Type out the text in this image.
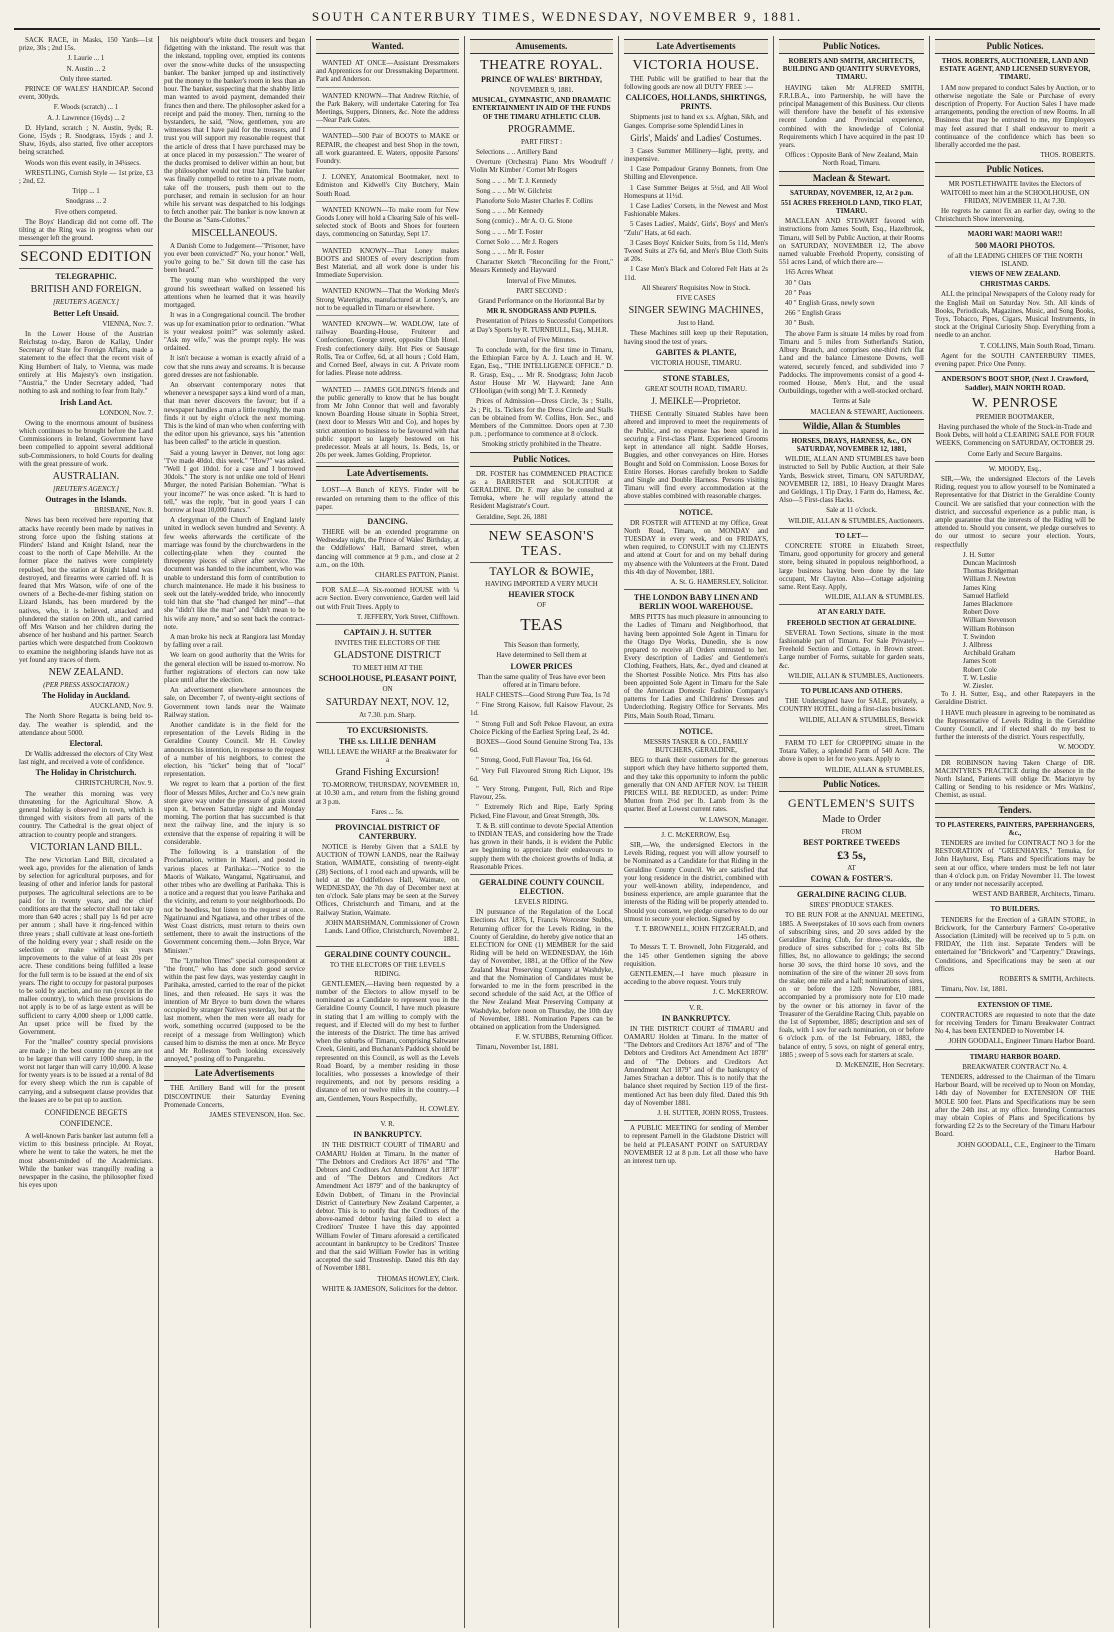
SOUTH CANTERBURY TIMES, WEDNESDAY, NOVEMBER 9, 1881.

SACK RACE, in Masks, 150 Yards—1st prize, 30s ; 2nd 15s.

J. Laurie ... 1

N. Austin ... 2

Only three started.

PRINCE OF WALES' HANDICAP. Second event, 300yds.

F. Woods (scratch) ... 1

A. J. Lawrence (16yds) ... 2

D. Hyland, scratch ; N. Austin, 9yds; R. Gone, 15yds ; R. Snodgrass, 15yds ; and J. Shaw, 16yds, also started, five other acceptors being scratched.

Woods won this event easily, in 34¼secs.

WRESTLING, Cornish Style — 1st prize, £3 ; 2nd, £2.

Tripp ... 1

Snodgrass ... 2

Five others competed.

The Boys' Handicap did not come off. The tilting at the Ring was in progress when our messenger left the ground.

SECOND EDITION
TELEGRAPHIC.
BRITISH AND FOREIGN.
[REUTER'S AGENCY.]
Better Left Unsaid.

VIENNA, Nov. 7.

In the Lower House of the Austrian Reichstag to-day, Baron de Kallay, Under Secretary of State for Foreign Affairs, made a statement to the effect that the recent visit of King Humbert of Italy, to Vienna, was made entirely at His Majesty's own instigation. "Austria," the Under Secretary added, "had nothing to ask and nothing to fear from Italy."

Irish Land Act.

LONDON, Nov. 7.

Owing to the enormous amount of business which continues to be brought before the Land Commissioners in Ireland, Government have been compelled to appoint several additional sub-Commissioners, to hold Courts for dealing with the great pressure of work.

AUSTRALIAN.
[REUTER'S AGENCY.]
Outrages in the Islands.

BRISBANE, Nov. 8.

News has been received here reporting that attacks have recently been made by natives in strong force upon the fishing stations at Flinders' Island and Knight Island, near the coast to the north of Cape Melville. At the former place the natives were completely repulsed, but the station at Knight Island was destroyed, and firearms were carried off. It is feared that Mrs Watson, wife of one of the owners of a Beche-de-mer fishing station on Lizard Islands, has been murdered by the natives, who, it is believed, attacked and plundered the station on 20th ult., and carried off Mrs Watson and her children during the absence of her husband and his partner. Search parties which were despatched from Cooktown to examine the neighboring islands have not as yet found any traces of them.

NEW ZEALAND.
(PER PRESS ASSOCIATION.)
The Holiday in Auckland.

AUCKLAND, Nov. 9.

The North Shore Regatta is being held to-day. The weather is splendid, and the attendance about 5000.

Electoral.

Dr Wallis addressed the electors of City West last night, and received a vote of confidence.

The Holiday in Christchurch.

CHRISTCHURCH, Nov. 9.

The weather this morning was very threatening for the Agricultural Show. A general holiday is observed in town, which is thronged with visitors from all parts of the country. The Cathedral is the great object of attraction to country people and strangers.

VICTORIAN LAND BILL.

The new Victorian Land Bill, circulated a week ago, provides for the alienation of lands by selection for agricultural purposes, and for leasing of other and inferior lands for pastoral purposes. The agricultural selections are to be paid for in twenty years, and the chief conditions are that the selector shall not take up more than 640 acres ; shall pay 1s 6d per acre per annum ; shall have it ring-fenced within three years ; shall cultivate at least one-fortieth of the holding every year ; shall reside on the selection or make within six years improvements to the value of at least 20s per acre. These conditions being fulfilled a lease for the full term is to be issued at the end of six years. The right to occupy for pastoral purposes to be sold by auction, and no run (except in the mallee country), to which these provisions do not apply is to be of as large extent as will be sufficient to carry 4,000 sheep or 1,000 cattle. An upset price will be fixed by the Government.

For the "mallee" country special provisions are made ; in the best country the runs are not to be larger than will carry 1000 sheep, in the worst not larger than will carry 10,000. A lease for twenty years is to be issued at a rental of 8d for every sheep which the run is capable of carrying, and a subsequent clause provides that the leases are to be put up to auction.

CONFIDENCE BEGETS CONFIDENCE.

A well-known Paris banker last autumn fell a victim to this business principle. At Royat, where he went to take the waters, he met the most absent-minded of the Academicians. While the banker was tranquilly reading a newspaper in the casino, the philosopher fixed his eyes upon

his neighbour's white duck trousers and began fidgetting with the inkstand. The result was that the inkstand, toppling over, emptied its contents over the snow-white ducks of the unsuspecting banker. The banker jumped up and instinctively put the money to the banker's room in less than an hour. The banker, suspecting that the shabby little man wanted to avoid payment, demanded their francs then and there. The philosopher asked for a receipt and paid the money. Then, turning to the bystanders, he said, "Now, gentlemen, you are witnesses that I have paid for the trousers, and I trust you will support my reasonable request that the article of dress that I have purchased may be at once placed in my possession." The wearer of the ducks promised to deliver within an hour, but the philosopher would not trust him. The banker was finally compelled to retire to a private room, take off the trousers, push them out to the purchaser, and remain in seclusion for an hour while his servant was despatched to his lodgings to fetch another pair. The banker is now known at the Bourse as "Sans-Culottes."

MISCELLANEOUS.

A Danish Come to Judgement—"Prisoner, have you ever been convicted?" No, your honor." Well, you're going to be." Sit down till the case has been heard."

The young man who worshipped the very ground his sweetheart walked on lessened his attentions when he learned that it was heavily mortgaged.

It was in a Congregational council. The brother was up for examination prior to ordination. "What is your weakest point?" was solemnly asked. "Ask my wife," was the prompt reply. He was ordained.

It isn't because a woman is exactly afraid of a cow that she runs away and screams. It is because gored dresses are not fashionable.

An observant contemporary notes that whenever a newspaper says a kind word of a man, that man never discovers the favour; but if a newspaper handles a man a little roughly, the man finds it out by eight o'clock the next morning. This is the kind of man who when conferring with the editor upon his grievance, says his "attention has been called" to the article in question.

Said a young lawyer in Denver, not long ago: "I've made 40dol. this week." "How?" was asked. "Well I got 10dol. for a case and I borrowed 30dols." The story is not unlike one told of Henri Murger, the noted Parisian Bohemian. "What is your income?" he was once asked. "It is hard to tell," was the reply, "but in good years I can borrow at least 10,000 francs."

A clergyman of the Church of England lately united in wedlock seven hundred and Seventy. A few weeks afterwards the certificate of the marriage was found by the churchwardens in the collecting-plate when they counted the threepenny pieces of silver after service. The document was handed to the incumbent, who was unable to understand this form of contribution to church maintenance. He made it his business to seek out the lately-wedded bride, who innocently told him that she "had changed her mind"—that she "didn't like the man" and "didn't mean to be his wife any more," and so sent back the contract-note.

A man broke his neck at Rangiora last Monday by falling over a rail.

We learn on good authority that the Writs for the general election will be issued to-morrow. No further registrations of electors can now take place until after the election.

An advertisement elsewhere announces the sale, on December 7, of twenty-eight sections of Government town lands near the Waimate Railway station.

Another candidate is in the field for the representation of the Levels Riding in the Geraldine County Council. Mr H. Cowley announces his intention, in response to the request of a number of his neighbors, to contest the election, his "ticket" being that of "local" representation.

We regret to learn that a portion of the first floor of Messrs Miles, Archer and Co.'s new grain store gave way under the pressure of grain stored upon it, between Saturday night and Monday morning. The portion that has succumbed is that next the railway line, and the injury is so extensive that the expense of repairing it will be considerable.

The following is a translation of the Proclamation, written in Maori, and posted in various places at Parihaka:—"Notice to the Maoris of Waikato, Wanganui, Ngatiruanui, and other tribes who are dwelling at Parihaka. This is a notice and a request that you leave Parihaka and the vicinity, and return to your neighborhoods. Do not be heedless, but listen to the request at once. Ngatiruanui and Ngatiawa, and other tribes of the West Coast districts, must return to theirs own settlement, there to await the instructions of the Government concerning them.—John Bryce, War Minister."

The "Lyttelton Times" special correspondent at "the front," who has done such good service within the past few days, was yesterday caught in Parihaka, arrested, carried to the rear of the picket lines, and then released. He says it was the intention of Mr Bryce to burn down the whares occupied by stranger Natives yesterday, but at the last moment, when the men were all ready for work, something occurred (supposed to be the receipt of a message from Wellington) which caused him to dismiss the men at once. Mr Bryce and Mr Rolleston "both looking excessively annoyed," posting off to Pungarehu.

Late Advertisements

THE Artillery Band will for the present DISCONTINUE their Saturday Evening Promenade Concerts,

JAMES STEVENSON, Hon. Sec.

Wanted.

WANTED AT ONCE—Assistant Dressmakers and Apprentices for our Dressmaking Department. Park and Anderson.

WANTED KNOWN—That Andrew Ritchie, of the Park Bakery, will undertake Catering for Tea Meetings, Suppers, Dinners, &c. Note the address—Near Park Gates.

WANTED—500 Pair of BOOTS to MAKE or REPAIR, the cheapest and best Shop in the town, all work guaranteed. E. Waters, opposite Parsons' Foundry.

J. LONEY, Anatomical Bootmaker, next to Edmiston and Kidwell's City Butchery, Main South Road.

WANTED KNOWN—To make room for New Goods Loney will hold a Clearing Sale of his well-selected stock of Boots and Shoes for fourteen days, commencing on Saturday, Sept 17.

WANTED KNOWN—That Loney makes BOOTS and SHOES of every description from Best Material, and all work done is under his Immediate Supervision.

WANTED KNOWN—That the Working Men's Strong Watertights, manufactured at Loney's, are not to be equalled in Timaru or elsewhere.

WANTED KNOWN—W. WADLOW, late of railway Boarding-House, Fruiterer and Confectioner, George street, opposite Club Hotel. Fresh confectionery daily. Hot Pies or Sausage Rolls, Tea or Coffee, 6d, at all hours ; Cold Ham, and Corned Beef, always in cut. A Private room for ladies. Please note address.

WANTED — JAMES GOLDING'S friends and the public generally to know that he has bought from Mr John Connor that well and favorably known Boarding House situate in Sophia Street, (next door to Messrs Witt and Co), and hopes by strict attention to business to be favoured with that public support so largely bestowed on his predecessor. Meals at all hours, 1s. Beds, 1s, or 20s per week. James Golding, Proprietor.

Late Advertisements.

LOST—A Bunch of KEYS. Finder will be rewarded on returning them to the office of this paper.

DANCING.

THERE will be an extended programme on Wednesday night, the Prince of Wales' Birthday, at the Oddfellows' Hall, Barnard street, when dancing will commence at 9 p.m., and close at 2 a.m., on the 10th.

CHARLES PATTON, Pianist.

FOR SALE—A Six-roomed HOUSE with ¼ acre Section. Every convenience, Garden well laid out with Fruit Trees. Apply to

T. JEFFERY, York Street, Clifftown.

CAPTAIN J. H. SUTTER

INVITES THE ELECTORS OF THE

GLADSTONE DISTRICT

TO MEET HIM AT THE

SCHOOLHOUSE, PLEASANT POINT,

ON

SATURDAY NEXT, NOV. 12,

At 7.30. p.m. Sharp.

TO EXCURSIONISTS.
THE s.s. LILLIE DENHAM

WILL LEAVE the WHARF at the Breakwater for a

Grand Fishing Excursion!

TO-MORROW, THURSDAY, NOVEMBER 10, at 10.30 a.m., and return from the fishing ground at 3 p.m.

Fares ... 5s.

PROVINCIAL DISTRICT OF CANTERBURY.

NOTICE is Hereby Given that a SALE by AUCTION of TOWN LANDS, near the Railway Station, WAIMATE, consisting of twenty-eight (28) Sections, of 1 rood each and upwards, will be held at the Oddfellows Hall, Waimate, on WEDNESDAY, the 7th day of December next at ten o'clock. Sale plans may be seen at the Survey Offices, Christchurch and Timaru, and at the Railway Station, Waimate.

JOHN MARSHMAN, Commissioner of Crown Lands. Land Office, Christchurch, November 2, 1881.

GERALDINE COUNTY COUNCIL.

TO THE ELECTORS OF THE LEVELS RIDING.

GENTLEMEN,—Having been requested by a number of the Electors to allow myself to be nominated as a Candidate to represent you in the Geraldine County Council, I have much pleasure in stating that I am willing to comply with the request, and if Elected will do my best to further the interests of the District. The time has arrived when the suburbs of Timaru, comprising Saltwater Creek, Gleniti, and Buchanan's Paddock should be represented on this Council, as well as the Levels Road Board, by a member residing in those localities, who possesses a knowledge of their requirements, and not by persons residing a distance of ten or twelve miles in the country.—I am, Gentlemen, Yours Respectfully,

H. COWLEY.

V. R.

IN BANKRUPTCY.

IN THE DISTRICT COURT of TIMARU and OAMARU Holden at Timaru. In the matter of "The Debtors and Creditors Act 1876" and "The Debtors and Creditors Act Amendment Act 1878" and of "The Debtors and Creditors Act Amendment Act 1879" and of the bankruptcy of Edwin Dobbett, of Timaru in the Provincial District of Canterbury New Zealand Carpenter, a debtor. This is to notify that the Creditors of the above-named debtor having failed to elect a Creditors' Trustee I have this day appointed William Fowler of Timaru aforesaid a certificated accountant in bankruptcy to be Creditors' Trustee and that the said William Fowler has in writing accepted the said Trusteeship. Dated this 8th day of November 1881.

THOMAS HOWLEY, Clerk.

WHITE & JAMESON, Solicitors for the debtor.

Amusements.
THEATRE ROYAL.
PRINCE OF WALES' BIRTHDAY,

NOVEMBER 9, 1881.

MUSICAL, GYMNASTIC, AND DRAMATIC ENTERTAINMENT IN AID OF THE FUNDS OF THE TIMARU ATHLETIC CLUB.

PROGRAMME.

PART FIRST :

Selections .. .. Artillery Band

Overture (Orchestra) Piano Mrs Woodruff / Violin Mr Kimber / Cornet Mr Rogers

Song .. .. .. Mr T. J. Kennedy

Song .. .. .. Mr W. Gilchrist

Pianoforte Solo Master Charles F. Collins

Song .. .. .. Mr Kennedy

Song (comic) .. Mr A. O. G. Stone

Song .. .. .. Mr T. Foster

Cornet Solo .. .. Mr J. Rogers

Song .. .. .. Mr R. Foster

Character Sketch "Reconciling for the Front," Messrs Kennedy and Hayward

Interval of Five Minutes.

PART SECOND :

Grand Performance on the Horizontal Bar by

MR R. SNODGRASS AND PUPILS.

Presentation of Prizes to Successful Competitors at Day's Sports by R. TURNBULL, Esq., M.H.R.

Interval of Five Minutes.

To conclude with, for the first time in Timaru, the Ethiopian Farce by A. J. Leach and H. W. Egan, Esq., "THE INTELLIGENCE OFFICE." D. R. Grasp, Esq., ... Mr R. Snodgrass; John Jacob Astor House Mr W. Hayward; Jane Ann O'Hooligan (with song) Mr T. J. Kennedy

Prices of Admission—Dress Circle, 3s ; Stalls, 2s ; Pit, 1s. Tickets for the Dress Circle and Stalls can be obtained from W. Collins, Hon. Sec., and Members of the Committee. Doors open at 7.30 p.m. ; performance to commence at 8 o'clock.

Smoking strictly prohibited in the Theatre.

Public Notices.

DR. FOSTER has COMMENCED PRACTICE as a BARRISTER and SOLICITOR at GERALDINE. Dr. F. may also be consulted at Temuka, where he will regularly attend the Resident Magistrate's Court.

Geraldine, Sept. 26, 1881

NEW SEASON'S TEAS.
TAYLOR & BOWIE,

HAVING IMPORTED A VERY MUCH

HEAVIER STOCK

OF

TEAS

This Season than formerly,

Have determined to Sell them at

LOWER PRICES

Than the same quality of Teas have ever been offered at in Timaru before.

HALF CHESTS—Good Strong Pure Tea, 1s 7d

" Fine Strong Kaisow, full Kaisow Flavour, 2s 1d.

" Strong Full and Soft Pekoe Flavour, an extra Choice Picking of the Earliest Spring Leaf, 2s 4d.

BOXES—Good Sound Genuine Strong Tea, 13s 6d.

" Strong, Good, Full Flavour Tea, 16s 6d.

" Very Full Flavoured Strong Rich Liquor, 19s 6d.

" Very Strong, Pungent, Full, Rich and Ripe Flavour, 25s.

" Extremely Rich and Ripe, Early Spring Picked, Fine Flavour, and Great Strength, 30s.

T. & B. still continue to devote Special Attention to INDIAN TEAS, and considering how the Trade has grown in their hands, it is evident the Public are beginning to appreciate their endeavours to supply them with the choicest growths of India, at Reasonable Prices.

GERALDINE COUNTY COUNCIL ELECTION.

LEVELS RIDING.

IN pursuance of the Regulation of the Local Elections Act 1876, I, Francis Worcester Stubbs, Returning officer for the Levels Riding, in the County of Geraldine, do hereby give notice that an ELECTION for ONE (1) MEMBER for the said Riding will be held on WEDNESDAY, the 16th day of November, 1881, at the Office of the New Zealand Meat Preserving Company at Washdyke, and that the Nomination of Candidates must be forwarded to me in the form prescribed in the second schedule of the said Act, at the Office of the New Zealand Meat Preserving Company at Washdyke, before noon on Thursday, the 10th day of November, 1881. Nomination Papers can be obtained on application from the Undersigned.

F. W. STUBBS, Returning Officer.

Timaru, November 1st, 1881.

Late Advertisements
VICTORIA HOUSE.

THE Public will be gratified to hear that the following goods are now all DUTY FREE :—

CALICOES, HOLLANDS, SHIRTINGS, PRINTS.

Shipments just to hand ex s.s. Afghan, Sikh, and Ganges. Comprise some Splendid Lines in

Girls', Maids' and Ladies' Costumes.

3 Cases Summer Millinery—light, pretty, and inexpensive.

1 Case Pompadour Granny Bonnets, from One Shilling and Elevenpence.

1 Case Summer Beiges at 5½d, and All Wool Homespuns at 11½d.

1 Case Ladies' Corsets, in the Newest and Most Fashionable Makes.

5 Cases Ladies', Maids', Girls', Boys' and Men's "Zulu" Hats, at 6d each.

3 Cases Boys' Knicker Suits, from 5s 11d, Men's Tweed Suits at 27s 6d, and Men's Blue Cloth Suits at 20s.

1 Case Men's Black and Colored Felt Hats at 2s 11d.

All Shearers' Requisites Now in Stock.

FIVE CASES

SINGER SEWING MACHINES,

Just to Hand.

These Machines still keep up their Reputation, having stood the test of years.

GABITES & PLANTE,

VICTORIA HOUSE, TIMARU.

STONE STABLES,

GREAT SOUTH ROAD, TIMARU.

J. MEIKLE—Proprietor.

THESE Centrally Situated Stables have been altered and improved to meet the requirements of the Public, and no expense has been spared in securing a First-class Plant. Experienced Grooms kept in attendance all night. Saddle Horses, Buggies, and other conveyances on Hire. Horses Bought and Sold on Commission. Loose Boxes for Entire Horses. Horses carefully broken to Saddle and Single and Double Harness. Persons visiting Timaru will find every accommodation at the above stables combined with reasonable charges.

NOTICE.

DR FOSTER will ATTEND at my Office, Great North Road, Timaru, on MONDAY and TUESDAY in every week, and on FRIDAYS, when required, to CONSULT with my CLIENTS and attend at Court for and on my behalf during my absence with the Volunteers at the Front. Dated this 4th day of November, 1881.

A. St. G. HAMERSLEY, Solicitor.

THE LONDON BABY LINEN AND BERLIN WOOL WAREHOUSE.

MRS PITTS has much pleasure in announcing to the Ladies of Timaru and Neighborhood, that having been appointed Sole Agent in Timaru for the Otago Dye Works, Dunedin, she is now prepared to receive all Orders entrusted to her. Every description of Ladies' and Gentlemen's Clothing, Feathers, Hats, &c., dyed and cleaned at the Shortest Possible Notice. Mrs Pitts has also been appointed Sole Agent in Timaru for the Sale of the American Domestic Fashion Company's patterns for Ladies and Childrens' Dresses and Underclothing. Registry Office for Servants. Mrs Pitts, Main South Road, Timaru.

NOTICE.

MESSRS TASKER & CO., FAMILY BUTCHERS, GERALDINE,

BEG to thank their customers for the generous support which they have hitherto supported them, and they take this opportunity to inform the public generally that ON AND AFTER NOV. 1st THEIR PRICES WILL BE REDUCED, as under: Prime Mutton from 2½d per lb. Lamb from 3s the quarter. Beef at Lowest current rates.

W. LAWSON, Manager.

J. C. McKERROW, Esq.

SIR,—We, the undersigned Electors in the Levels Riding, request you will allow yourself to be Nominated as a Candidate for that Riding in the Geraldine County Council. We are satisfied that your long residence in the district, combined with your well-known ability, independence, and business experience, are ample guarantee that the interests of the Riding will be properly attended to. Should you consent, we pledge ourselves to do our utmost to secure your election. Signed by

T. T. BROWNELL, JOHN FITZGERALD, and 145 others.

To Messrs T. T. Brownell, John Fitzgerald, and the 145 other Gentlemen signing the above requisition.

GENTLEMEN,—I have much pleasure in acceding to the above request. Yours truly

J. C. McKERROW.

V. R.

IN BANKRUPTCY.

IN THE DISTRICT COURT of TIMARU and OAMARU Holden at Timaru. In the matter of "The Debtors and Creditors Act 1876" and of "The Debtors and Creditors Act Amendment Act 1878" and of "The Debtors and Creditors Act Amendment Act 1879" and of the bankruptcy of James Strachan a debtor. This is to notify that the balance sheet required by Section 119 of the first-mentioned Act has been duly filed. Dated this 9th day of November 1881.

J. H. SUTTER, JOHN ROSS, Trustees.

A PUBLIC MEETING for sending of Member to represent Parnell in the Gladstone District will be held at PLEASANT POINT on SATURDAY NOVEMBER 12 at 8 p.m. Let all those who have an interest turn up.

Public Notices.

ROBERTS AND SMITH, ARCHITECTS, BUILDING AND QUANTITY SURVEYORS, TIMARU.

HAVING taken Mr ALFRED SMITH, F.R.I.B.A., into Partnership, he will have the principal Management of this Business. Our clients will therefore have the benefit of his extensive recent London and Provincial experience, combined with the knowledge of Colonial Requirements which I have acquired in the past 10 years.

Offices : Opposite Bank of New Zealand, Main North Road, Timaru.

Maclean & Stewart.

SATURDAY, NOVEMBER, 12, At 2 p.m.

551 ACRES FREEHOLD LAND, TIKO FLAT, TIMARU.

MACLEAN AND STEWART favored with instructions from James South, Esq., Hazelbrook, Timaru, will Sell by Public Auction, at their Rooms on SATURDAY, NOVEMBER 12, The above named valuable Freehold Property, consisting of 551 acres Land, of which there are—

165 Acres Wheat

30 " Oats

20 " Peas

40 " English Grass, newly sown

266 " English Grass

30 " Bush.

The above Farm is situate 14 miles by road from Timaru and 5 miles from Sutherland's Station, Albury Branch, and comprises one-third rich flat Land and the balance Limestone Downs, well watered, securely fenced, and subdivided into 7 Paddocks. The improvements consist of a good 4-roomed House, Men's Hut, and the usual Outbuildings, together with a well-stocked orchard.

Terms at Sale

MACLEAN & STEWART, Auctioneers.

Wildie, Allan & Stumbles

HORSES, DRAYS, HARNESS, &c., ON SATURDAY, NOVEMBER 12, 1881,

WILDIE, ALLAN AND STUMBLES have been instructed to Sell by Public Auction, at their Sale Yards, Beswick street, Timaru, ON SATURDAY, NOVEMBER 12, 1881, 10 Heavy Draught Mares and Geldings, 1 Tip Dray, 1 Farm do, Harness, &c. Also—5 First-class Hacks.

Sale at 11 o'clock.

WILDIE, ALLAN & STUMBLES, Auctioneers.

TO LET—

CONCRETE STORE in Elizabeth Street, Timaru, good opportunity for grocery and general store, being situated in populous neighborhood, a large business having been done by the late occupant, Mr Clayton. Also—Cottage adjoining same. Rent Easy. Apply,

WILDIE, ALLAN & STUMBLES.

AT AN EARLY DATE.

FREEHOLD SECTION AT GERALDINE.

SEVERAL Town Sections, situate in the most fashionable part of Timaru. For Sale Privately—Freehold Section and Cottage, in Brown street. Large number of Forms, suitable for garden seats, &c.

WILDIE, ALLAN & STUMBLES, Auctioneers.

TO PUBLICANS AND OTHERS.

THE Undersigned have for SALE, privately, a COUNTRY HOTEL, doing a first-class business.

WILDIE, ALLAN & STUMBLES, Beswick street, Timaru

FARM TO LET for CROPPING situate in the Totara Valley, a splendid Farm of 540 Acre. The above is open to let for two years. Apply to

WILDIE, ALLAN & STUMBLES,

Public Notices.
GENTLEMEN'S SUITS
Made to Order

FROM

BEST PORTREE TWEEDS
£3 5s,

AT

COWAN & FOSTER'S.
GERALDINE RACING CLUB.

SIRES' PRODUCE STAKES.

TO BE RUN FOR at the ANNUAL MEETING, 1885. A Sweepstakes of 10 sovs each from owners of subscribing sires, and 20 sovs added by the Geraldine Racing Club, for three-year-olds, the produce of sires subscribed for ; colts 8st 5lb fillies, 8st, no allowance to geldings; the second horse 30 sovs, the third horse 10 sovs, and the nomination of the sire of the winner 20 sovs from the stake; one mile and a half; nominations of sires, on or before the 12th November, 1881, accompanied by a promissory note for £10 made by the owner or his attorney in favor of the Treasurer of the Geraldine Racing Club, payable on the 1st of September, 1885; description and sex of foals, with 1 sov for each nomination, on or before 6 o'clock p.m. of the 1st February, 1883, the balance of entry, 5 sovs, on night of general entry, 1885 ; sweep of 5 sovs each for starters at scale.

D. McKENZIE, Hon Secretary.

Public Notices.

THOS. ROBERTS, AUCTIONEER, LAND AND ESTATE AGENT, AND LICENSED SURVEYOR, TIMARU.

I AM now prepared to conduct Sales by Auction, or to otherwise negotiate the Sale or Purchase of every description of Property. For Auction Sales I have made arrangements, pending the erection of new Rooms. In all Business that may be entrusted to me, my Employers may feel assured that I shall endeavour to merit a continuance of the confidence which has been so liberally accorded me the past.

THOS. ROBERTS.

Public Notices.

MR POSTLETHWAITE Invites the Electors of WAITOHI to meet him at the SCHOOLHOUSE, ON FRIDAY, NOVEMBER 11, At 7.30.

He regrets he cannot fix an earlier day, owing to the Christchurch Show intervening.

MAORI WAR! MAORI WAR!!

500 MAORI PHOTOS.

of all the LEADING CHIEFS OF THE NORTH ISLAND.

VIEWS OF NEW ZEALAND.

CHRISTMAS CARDS.

ALL the principal Newspapers of the Colony ready for the English Mail on Saturday Nov. 5th. All kinds of Books, Periodicals, Magazines, Music, and Song Books, Toys, Tobacco, Pipes, Cigars, Musical Instruments, in stock at the Original Curiosity Shop. Everything from a needle to an anchor.

T. COLLINS, Main South Road, Timaru.

Agent for the SOUTH CANTERBURY TIMES, evening paper. Price One Penny.

ANDERSON'S BOOT SHOP, (Next J. Crawford, Saddler), MAIN NORTH ROAD.

W. PENROSE

PREMIER BOOTMAKER,

Having purchased the whole of the Stock-in-Trade and Book Debts, will hold a CLEARING SALE FOR FOUR WEEKS, Commencing on SATURDAY, OCTOBER 29.

Come Early and Secure Bargains.

W. MOODY, Esq.,

SIR,—We, the undersigned Electors of the Levels Riding, request you to allow yourself to be Nominated a Representative for that District in the Geraldine County Council. We are satisfied that your connection with the district, and successful experience as a public man, is ample guarantee that the interests of the Riding will be attended to. Should you consent, we pledge ourselves to do our utmost to secure your election. Yours, respectfully

J. H. Sutter
Duncan Macintosh
Thomas Bridgeman
William J. Newton
James King
Samuel Hatfield
James Blackmore
Robert Dove
William Stevenson
William Robinson
T. Swindon
J. Allbress
Archibald Graham
James Scott
Robert Cole
T. W. Leslie
W. Ziesler.

To J. H. Sutter, Esq., and other Ratepayers in the Geraldine District.

I HAVE much pleasure in agreeing to be nominated as the Representative of Levels Riding in the Geraldine County Council, and if elected shall do my best to further the interests of the district. Yours respectfully,

W. MOODY.

DR ROBINSON having Taken Charge of DR. MACINTYRE'S PRACTICE during the absence in the North Island, Patients will oblige Dr. Macintyre by Calling or Sending to his residence or Mrs Watkins', Chemist, as usual.

Tenders.

TO PLASTERERS, PAINTERS, PAPERHANGERS, &c.,

TENDERS are invited for CONTRACT NO 3 for the RESTORATION of "GREENHAYES," Temuka, for John Hayhurst, Esq. Plans and Specifications may be seen at our office, where tenders must be left not later than 4 o'clock p.m. on Friday November 11. The lowest or any tender not necessarily accepted.

WEST AND BARBER, Architects, Timaru.

TO BUILDERS.

TENDERS for the Erection of a GRAIN STORE, in Brickwork, for the Canterbury Farmers' Co-operative Association (Limited) will be received up to 5 p.m. on FRIDAY, the 11th inst. Separate Tenders will be entertained for "Brickwork" and "Carpentry." Drawings, Conditions, and Specifications may be seen at our offices

ROBERTS & SMITH, Architects.

Timaru, Nov. 1st, 1881.

EXTENSION OF TIME.

CONTRACTORS are requested to note that the date for receiving Tenders for Timaru Breakwater Contract No 4, has been EXTENDED to November 14.

JOHN GOODALL, Engineer Timaru Harbor Board.

TIMARU HARBOR BOARD.

BREAKWATER CONTRACT No. 4.

TENDERS, addressed to the Chairman of the Timaru Harbour Board, will be received up to Noon on Monday, 14th day of November for EXTENSION OF THE MOLE 500 feet. Plans and Specifications may be seen after the 24th inst. at my office. Intending Contractors may obtain Copies of Plans and Specifications by forwarding £2 2s to the Secretary of the Timaru Harbour Board.

JOHN GOODALL, C.E., Engineer to the Timaru Harbor Board.
